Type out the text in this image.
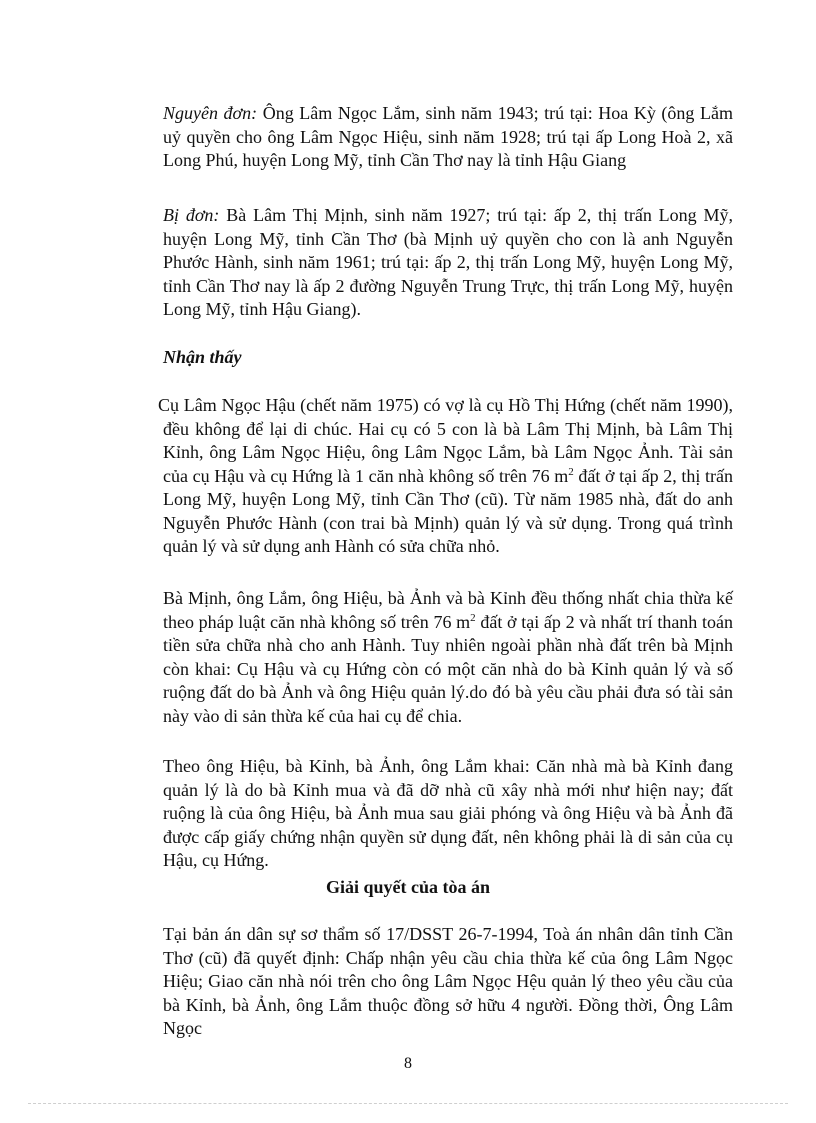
Nguyên đơn: Ông Lâm Ngọc Lắm, sinh năm 1943; trú tại: Hoa Kỳ (ông Lắm uỷ quyền cho ông Lâm Ngọc Hiệu, sinh năm 1928; trú tại ấp Long Hoà 2, xã Long Phú, huyện Long Mỹ, tỉnh Cần Thơ nay là tỉnh Hậu Giang

Bị đơn: Bà Lâm Thị Mịnh, sinh năm 1927; trú tại: ấp 2, thị trấn Long Mỹ, huyện Long Mỹ, tỉnh Cần Thơ (bà Mịnh uỷ quyền cho con là anh Nguyễn Phước Hành, sinh năm 1961; trú tại: ấp 2, thị trấn Long Mỹ, huyện Long Mỹ, tỉnh Cần Thơ nay là ấp 2 đường Nguyễn Trung Trực, thị trấn Long Mỹ, huyện Long Mỹ, tỉnh Hậu Giang).

Nhận thấy

Cụ Lâm Ngọc Hậu (chết năm 1975) có vợ là cụ Hồ Thị Hứng (chết năm 1990), đều không để lại di chúc. Hai cụ có 5 con là bà Lâm Thị Mịnh, bà Lâm Thị Kỉnh, ông Lâm Ngọc Hiệu, ông Lâm Ngọc Lắm, bà Lâm Ngọc Ảnh. Tài sản của cụ Hậu và cụ Hứng là 1 căn nhà không số trên 76 $m^2$ đất ở tại ấp 2, thị trấn Long Mỹ, huyện Long Mỹ, tỉnh Cần Thơ (cũ). Từ năm 1985 nhà, đất do anh Nguyễn Phước Hành (con trai bà Mịnh) quản lý và sử dụng. Trong quá trình quản lý và sử dụng anh Hành có sửa chữa nhỏ.

Bà Mịnh, ông Lắm, ông Hiệu, bà Ảnh và bà Kỉnh đều thống nhất chia thừa kế theo pháp luật căn nhà không số trên 76 $m^2$ đất ở tại ấp 2 và nhất trí thanh toán tiền sửa chữa nhà cho anh Hành. Tuy nhiên ngoài phần nhà đất trên bà Mịnh còn khai: Cụ Hậu và cụ Hứng còn có một căn nhà do bà Kỉnh quản lý và số ruộng đất do bà Ảnh và ông Hiệu quản lý.do đó bà yêu cầu phải đưa só tài sản này vào di sản thừa kế của hai cụ để chia.

Theo ông Hiệu, bà Kỉnh, bà Ảnh, ông Lắm khai: Căn nhà mà bà Kỉnh đang quản lý là do bà Kỉnh mua và đã dỡ nhà cũ xây nhà mới như hiện nay; đất ruộng là của ông Hiệu, bà Ảnh mua sau giải phóng và ông Hiệu và bà Ảnh đã được cấp giấy chứng nhận quyền sử dụng đất, nên không phải là di sản của cụ Hậu, cụ Hứng.

Giải quyết của tòa án

Tại bản án dân sự sơ thẩm số 17/DSST 26-7-1994, Toà án nhân dân tỉnh Cần Thơ (cũ) đã quyết định: Chấp nhận yêu cầu chia thừa kế của ông Lâm Ngọc Hiệu; Giao căn nhà nói trên cho ông Lâm Ngọc Hệu quản lý theo yêu cầu của bà Kỉnh, bà Ảnh, ông Lắm thuộc đồng sở hữu 4 người. Đồng thời, Ông Lâm Ngọc

8
